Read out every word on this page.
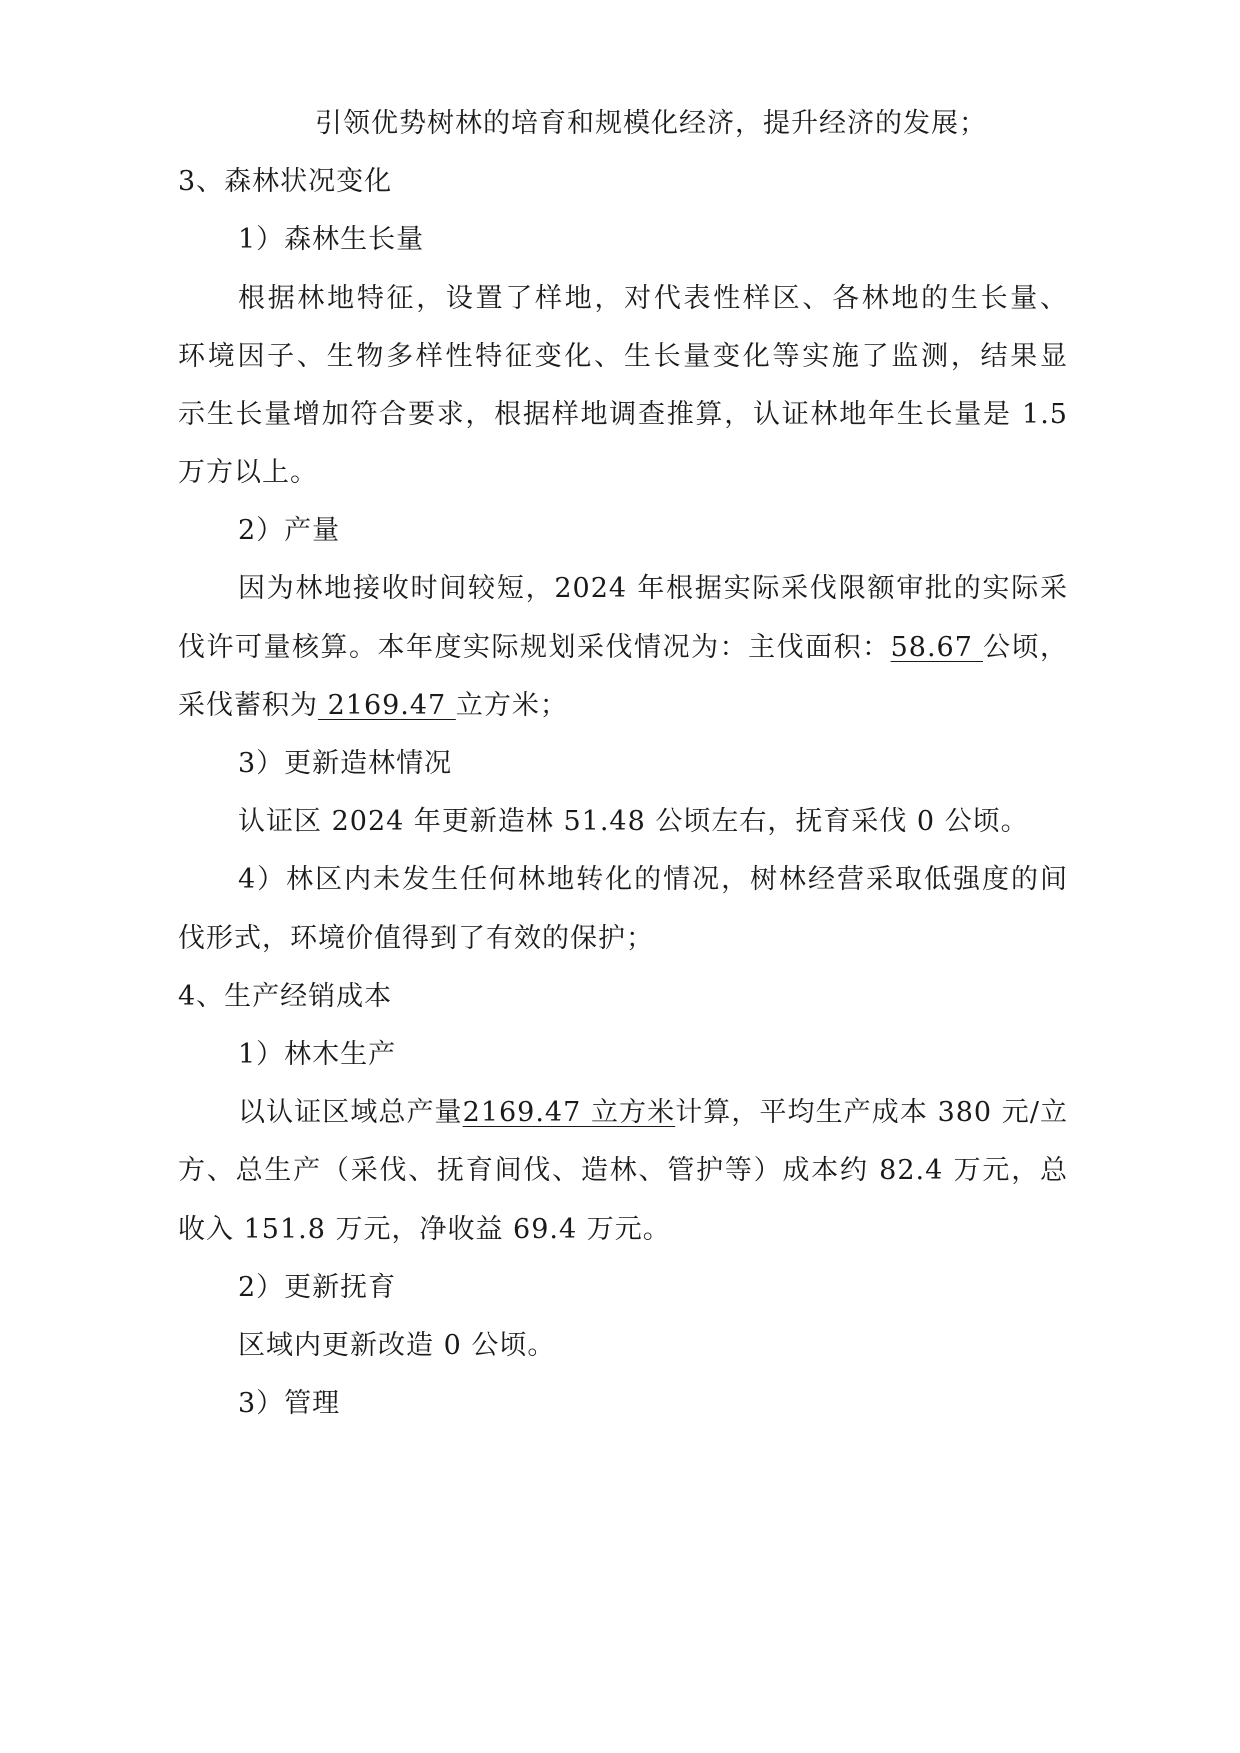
引领优势树林的培育和规模化经济，提升经济的发展；
3、森林状况变化
1）森林生长量
根据林地特征，设置了样地，对代表性样区、各林地的生长量、
环境因子、生物多样性特征变化、生长量变化等实施了监测，结果显
示生长量增加符合要求，根据样地调查推算，认证林地年生长量是 1.5
万方以上。
2）产量
因为林地接收时间较短，2024 年根据实际采伐限额审批的实际采
伐许可量核算。本年度实际规划采伐情况为：主伐面积：58.67 公顷，
采伐蓄积为 2169.47 立方米；
3）更新造林情况
认证区 2024 年更新造林 51.48 公顷左右，抚育采伐 0 公顷。
4）林区内未发生任何林地转化的情况，树林经营采取低强度的间
伐形式，环境价值得到了有效的保护；
4、生产经销成本
1）林木生产
以认证区域总产量2169.47 立方米计算，平均生产成本 380 元/立
方、总生产（采伐、抚育间伐、造林、管护等）成本约 82.4 万元，总
收入 151.8 万元，净收益 69.4 万元。
2）更新抚育
区域内更新改造 0 公顷。
3）管理
